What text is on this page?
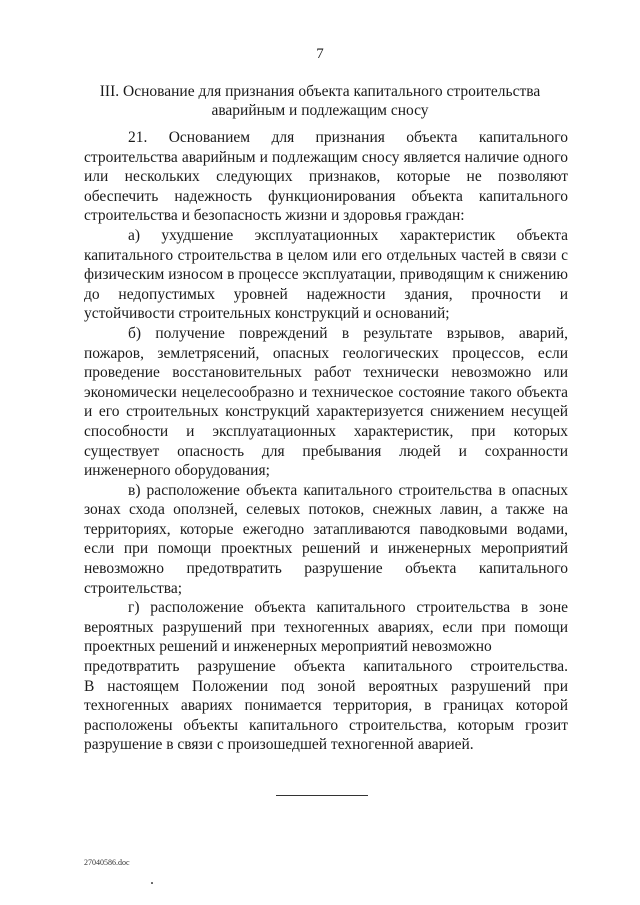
7
III. Основание для признания объекта капитального строительства
аварийным и подлежащим сносу

21. Основанием для признания объекта капитального строительства аварийным и подлежащим сносу является наличие одного или нескольких следующих признаков, которые не позволяют обеспечить надежность функционирования объекта капитального строительства и безопасность жизни и здоровья граждан:

а) ухудшение эксплуатационных характеристик объекта капитального строительства в целом или его отдельных частей в связи с физическим износом в процессе эксплуатации, приводящим к снижению до недопустимых уровней надежности здания, прочности и устойчивости строительных конструкций и оснований;

б) получение повреждений в результате взрывов, аварий, пожаров, землетрясений, опасных геологических процессов, если проведение восстановительных работ технически невозможно или экономически нецелесообразно и техническое состояние такого объекта и его строительных конструкций характеризуется снижением несущей способности и эксплуатационных характеристик, при которых существует опасность для пребывания людей и сохранности инженерного оборудования;

в) расположение объекта капитального строительства в опасных зонах схода оползней, селевых потоков, снежных лавин, а также на территориях, которые ежегодно затапливаются паводковыми водами, если при помощи проектных решений и инженерных мероприятий невозможно предотвратить разрушение объекта капитального строительства;

г) расположение объекта капитального строительства в зоне вероятных разрушений при техногенных авариях, если при помощи проектных решений и инженерных мероприятий невозможно
предотвратить разрушение объекта капитального строительства.
В настоящем Положении под зоной вероятных разрушений при техногенных авариях понимается территория, в границах которой расположены объекты капитального строительства, которым грозит разрушение в связи с произошедшей техногенной аварией.

27040586.doc
